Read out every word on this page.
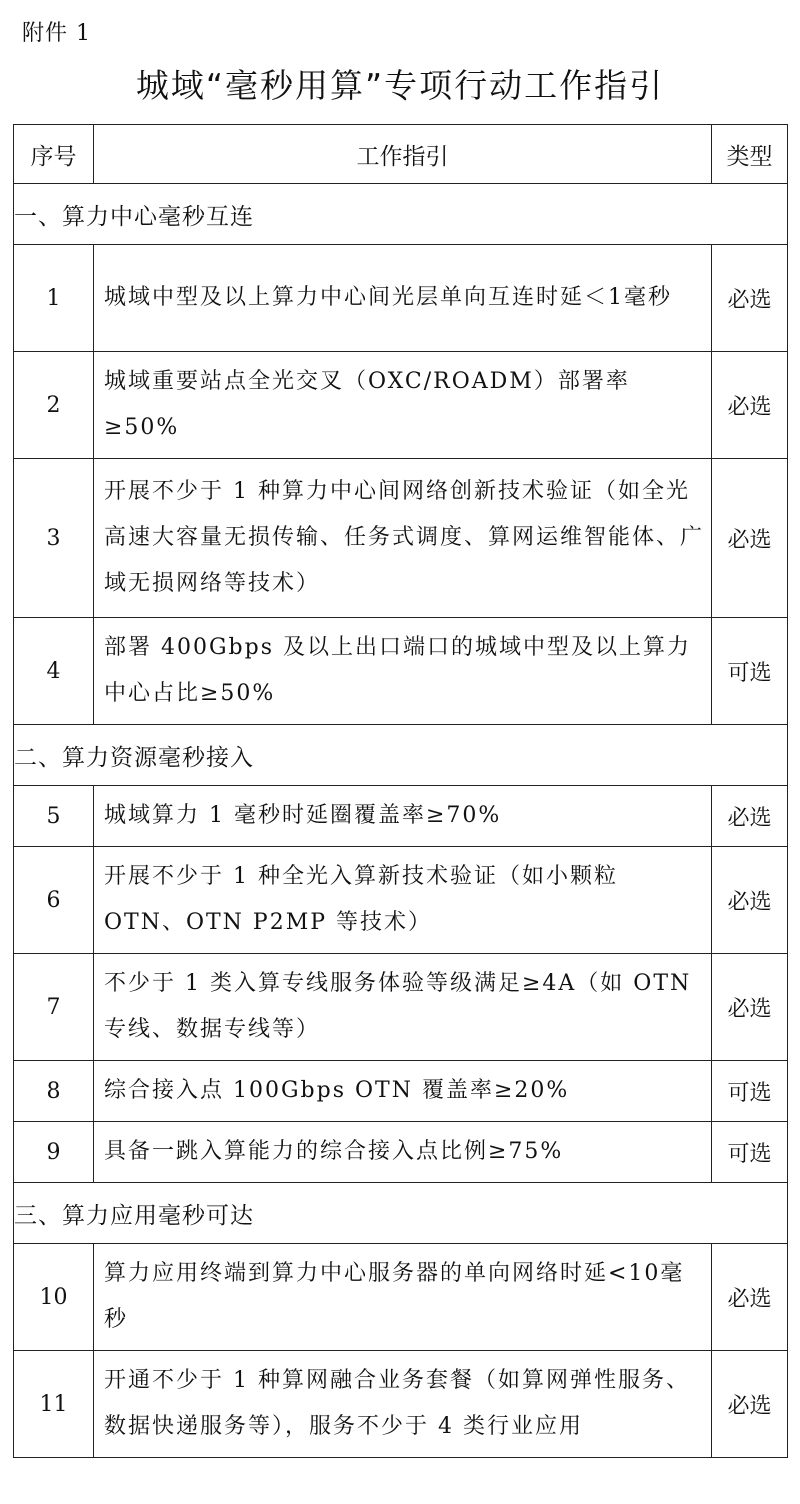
附件 1
城域“毫秒用算”专项行动工作指引
序号	工作指引	类型
一、算力中心毫秒互连		
1	城域中型及以上算力中心间光层单向互连时延＜1毫秒	必选
2	城域重要站点全光交叉（OXC/ROADM）部署率≥50%	必选
3	开展不少于 1 种算力中心间网络创新技术验证（如全光高速大容量无损传输、任务式调度、算网运维智能体、广域无损网络等技术）	必选
4	部署 400Gbps 及以上出口端口的城域中型及以上算力中心占比≥50%	可选
二、算力资源毫秒接入		
5	城域算力 1 毫秒时延圈覆盖率≥70%	必选
6	开展不少于 1 种全光入算新技术验证（如小颗粒 OTN、OTN P2MP 等技术）	必选
7	不少于 1 类入算专线服务体验等级满足≥4A（如 OTN 专线、数据专线等）	必选
8	综合接入点 100Gbps OTN 覆盖率≥20%	可选
9	具备一跳入算能力的综合接入点比例≥75%	可选
三、算力应用毫秒可达		
10	算力应用终端到算力中心服务器的单向网络时延<10毫秒	必选
11	开通不少于 1 种算网融合业务套餐（如算网弹性服务、数据快递服务等），服务不少于 4 类行业应用	必选
